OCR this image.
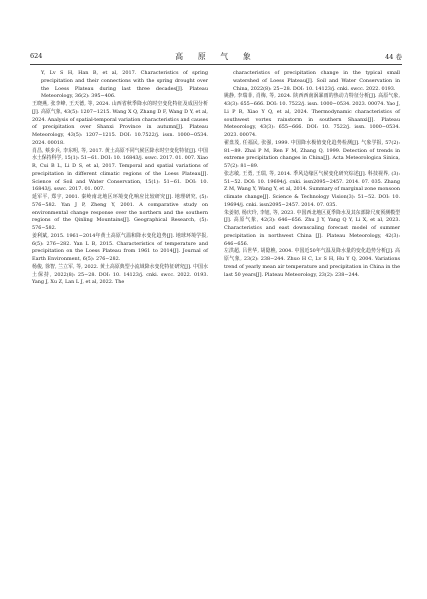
624	高 原 气 象	44 卷

Y, Lv S H, Han B, et al, 2017. Characteristics of spring precipitation and their connections with the spring drought over the Loess Plateau during last three decades[J]. Plateau Meteorology, 36(2): 395−406.

王晓燕, 张李峰, 王天德, 等, 2024. 山西省秋季降水的时空变化特征及成因分析[J]. 高原气象, 43(5): 1207−1215. Wang X Q, Zhang D F, Wang D Y, et al, 2024. Analysis of spatial-temporal variation characteristics and causes of precipitation over Shanxi Province in autumn[J]. Plateau Meteorology, 43(5): 1207−1215. DOI: 10.7522/j. issn. 1000−0534. 2024. 00018.

肖昌, 蔡步兵, 李东明, 等, 2017. 黄土高原不同气候区降水时空变化特征[J]. 中国水土保持科学, 15(1): 51−61. DOI: 10. 16843/j. sswc. 2017. 01. 007. Xiao R, Cui B L, Li D S, et al, 2017. Temporal and spatial variations of precipitation in different climatic regions of the Loess Plateau[J]. Science of Soil and Water Conservation, 15(1): 51−61. DOI: 10. 16843/j. sswc. 2017. 01. 007.

延军平, 郑宇, 2001. 秦岭南北地区环境变化响应比较研究[J]. 地理研究, (5): 576−582. Yan J P, Zheng Y, 2001. A comparative study on environmental change response over the northern and the southern regions of the Qinling Mountains[J]. Geographical Research, (5): 576−582.

姜利斌, 2015. 1961−2014年黄土高原气温和降水变化趋势[J]. 地球环境学报, 6(5): 276−282. Yan L B, 2015. Characteristics of temperature and precipitation on the Loess Plateau from 1961 to 2014[J]. Journal of Earth Environment, 6(5): 276−282.

杨俊, 徐智, 兰立军, 等, 2022. 黄土高原典型小流域降水变化特征研究[J]. 中国水土保持, 2022(8): 25−28. DOI: 10. 14123/j. cnki. swcc. 2022. 0193. Yang J, Xu Z, Lan L J, et al, 2022. The

characteristics of precipitation change in the typical small watershed of Loess Plateau[J]. Soil and Water Conservation in China, 2022(8): 25−28. DOI: 10. 14123/j. cnki. swcc. 2022. 0193.

姚静, 李瑞菲, 肖梅, 等, 2024. 陕西西南涡暴雨的热动力特征分析[J]. 高原气象, 43(3): 655−666. DOI: 10. 7522/j. issn. 1000−0534. 2023. 00074. Yao J, Li P R, Xiao Y Q, et al, 2024. Thermodynamic characteristics of southwest vortex rainstorm in southern Shaanxi[J]. Plateau Meteorology, 43(3): 655−666. DOI: 10. 7522/j. issn. 1000−0534. 2023. 00074.

翟盘茂, 任福民, 张强, 1999. 中国降水极值变化趋势检测[J]. 气象学报, 57(2): 81−89. Zhai P M, Ren F M, Zhang Q, 1999. Detection of trends in extreme precipitation changes in China[J]. Acta Meteorologica Sinica, 57(2): 81−89.

张志敏, 王勇, 王瑞, 等, 2014. 季风边缘区气候变化研究综述[J]. 科技视界, (3): 51−52. DOI: 10. 19694/j. cnki. issn2095−2457. 2014. 07. 035. Zhang Z M, Wang Y, Wang Y, et al, 2014. Summary of marginal zone monsoon climate change[J]. Science & Technology Vision(3): 51−52. DOI: 10. 19694/j. cnki. issn2095−2457. 2014. 07. 035.

朱姜韧, 杨庆玲, 李旭, 等, 2023. 中国西北地区夏季降水及其东部降尺度预测模型[J]. 高原气象, 42(3): 646−656. Zhu J Y, Yang Q Y, Li X, et al, 2023. Characteristics and east downscaling forecast model of summer precipitation in northwest China [J]. Plateau Meteorology, 42(3): 646−656.

左洪超, 吕世华, 胡隐樵, 2004. 中国近50年气温及降水量的变化趋势分析[J]. 高原气象, 23(2): 238−244. Zhuo H C, Lv S H, Hu Y Q, 2004. Variations trend of yearly mean air temperature and precipitation in China in the last 50 years[J]. Plateau Meteorology, 23(2): 238−244.
